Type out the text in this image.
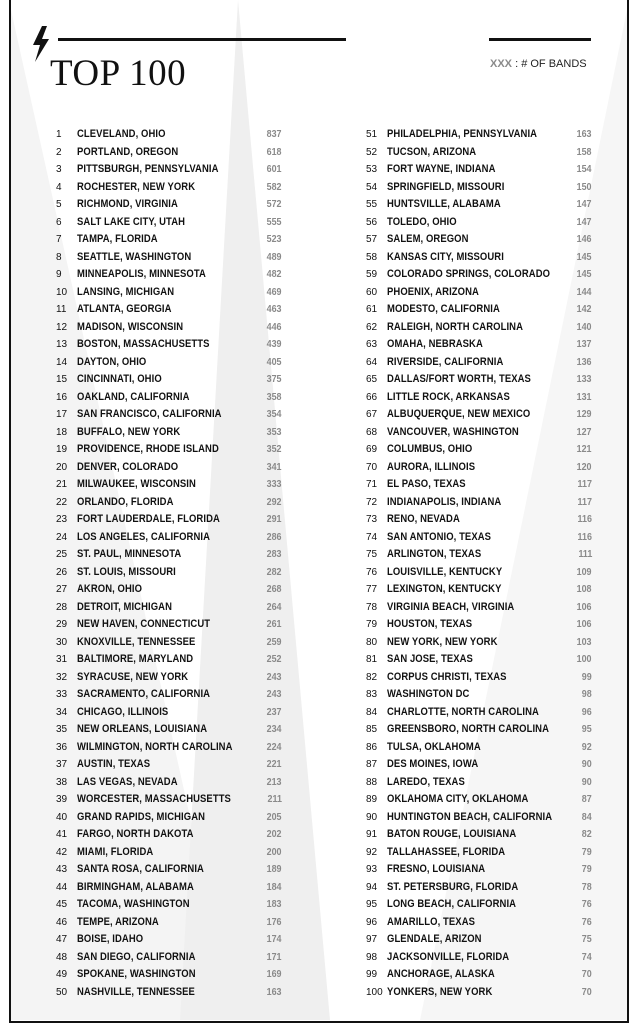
TOP 100	XXX : # OF BANDS
1 CLEVELAND, OHIO	837
2 PORTLAND, OREGON	618
3 PITTSBURGH, PENNSYLVANIA	601
4 ROCHESTER, NEW YORK	582
5 RICHMOND, VIRGINIA	572
6 SALT LAKE CITY, UTAH	555
7 TAMPA, FLORIDA	523
8 SEATTLE, WASHINGTON	489
9 MINNEAPOLIS, MINNESOTA	482
10 LANSING, MICHIGAN	469
11 ATLANTA, GEORGIA	463
12 MADISON, WISCONSIN	446
13 BOSTON, MASSACHUSETTS	439
14 DAYTON, OHIO	405
15 CINCINNATI, OHIO	375
16 OAKLAND, CALIFORNIA	358
17 SAN FRANCISCO, CALIFORNIA	354
18 BUFFALO, NEW YORK	353
19 PROVIDENCE, RHODE ISLAND	352
20 DENVER, COLORADO	341
21 MILWAUKEE, WISCONSIN	333
22 ORLANDO, FLORIDA	292
23 FORT LAUDERDALE, FLORIDA	291
24 LOS ANGELES, CALIFORNIA	286
25 ST. PAUL, MINNESOTA	283
26 ST. LOUIS, MISSOURI	282
27 AKRON, OHIO	268
28 DETROIT, MICHIGAN	264
29 NEW HAVEN, CONNECTICUT	261
30 KNOXVILLE, TENNESSEE	259
31 BALTIMORE, MARYLAND	252
32 SYRACUSE, NEW YORK	243
33 SACRAMENTO, CALIFORNIA	243
34 CHICAGO, ILLINOIS	237
35 NEW ORLEANS, LOUISIANA	234
36 WILMINGTON, NORTH CAROLINA	224
37 AUSTIN, TEXAS	221
38 LAS VEGAS, NEVADA	213
39 WORCESTER, MASSACHUSETTS	211
40 GRAND RAPIDS, MICHIGAN	205
41 FARGO, NORTH DAKOTA	202
42 MIAMI, FLORIDA	200
43 SANTA ROSA, CALIFORNIA	189
44 BIRMINGHAM, ALABAMA	184
45 TACOMA, WASHINGTON	183
46 TEMPE, ARIZONA	176
47 BOISE, IDAHO	174
48 SAN DIEGO, CALIFORNIA	171
49 SPOKANE, WASHINGTON	169
50 NASHVILLE, TENNESSEE	163
51 PHILADELPHIA, PENNSYLVANIA	163
52 TUCSON, ARIZONA	158
53 FORT WAYNE, INDIANA	154
54 SPRINGFIELD, MISSOURI	150
55 HUNTSVILLE, ALABAMA	147
56 TOLEDO, OHIO	147
57 SALEM, OREGON	146
58 KANSAS CITY, MISSOURI	145
59 COLORADO SPRINGS, COLORADO	145
60 PHOENIX, ARIZONA	144
61 MODESTO, CALIFORNIA	142
62 RALEIGH, NORTH CAROLINA	140
63 OMAHA, NEBRASKA	137
64 RIVERSIDE, CALIFORNIA	136
65 DALLAS/FORT WORTH, TEXAS	133
66 LITTLE ROCK, ARKANSAS	131
67 ALBUQUERQUE, NEW MEXICO	129
68 VANCOUVER, WASHINGTON	127
69 COLUMBUS, OHIO	121
70 AURORA, ILLINOIS	120
71 EL PASO, TEXAS	117
72 INDIANAPOLIS, INDIANA	117
73 RENO, NEVADA	116
74 SAN ANTONIO, TEXAS	116
75 ARLINGTON, TEXAS	111
76 LOUISVILLE, KENTUCKY	109
77 LEXINGTON, KENTUCKY	108
78 VIRGINIA BEACH, VIRGINIA	106
79 HOUSTON, TEXAS	106
80 NEW YORK, NEW YORK	103
81 SAN JOSE, TEXAS	100
82 CORPUS CHRISTI, TEXAS	99
83 WASHINGTON DC	98
84 CHARLOTTE, NORTH CAROLINA	96
85 GREENSBORO, NORTH CAROLINA	95
86 TULSA, OKLAHOMA	92
87 DES MOINES, IOWA	90
88 LAREDO, TEXAS	90
89 OKLAHOMA CITY, OKLAHOMA	87
90 HUNTINGTON BEACH, CALIFORNIA	84
91 BATON ROUGE, LOUISIANA	82
92 TALLAHASSEE, FLORIDA	79
93 FRESNO, LOUISIANA	79
94 ST. PETERSBURG, FLORIDA	78
95 LONG BEACH, CALIFORNIA	76
96 AMARILLO, TEXAS	76
97 GLENDALE, ARIZON	75
98 JACKSONVILLE, FLORIDA	74
99 ANCHORAGE, ALASKA	70
100 YONKERS, NEW YORK	70
